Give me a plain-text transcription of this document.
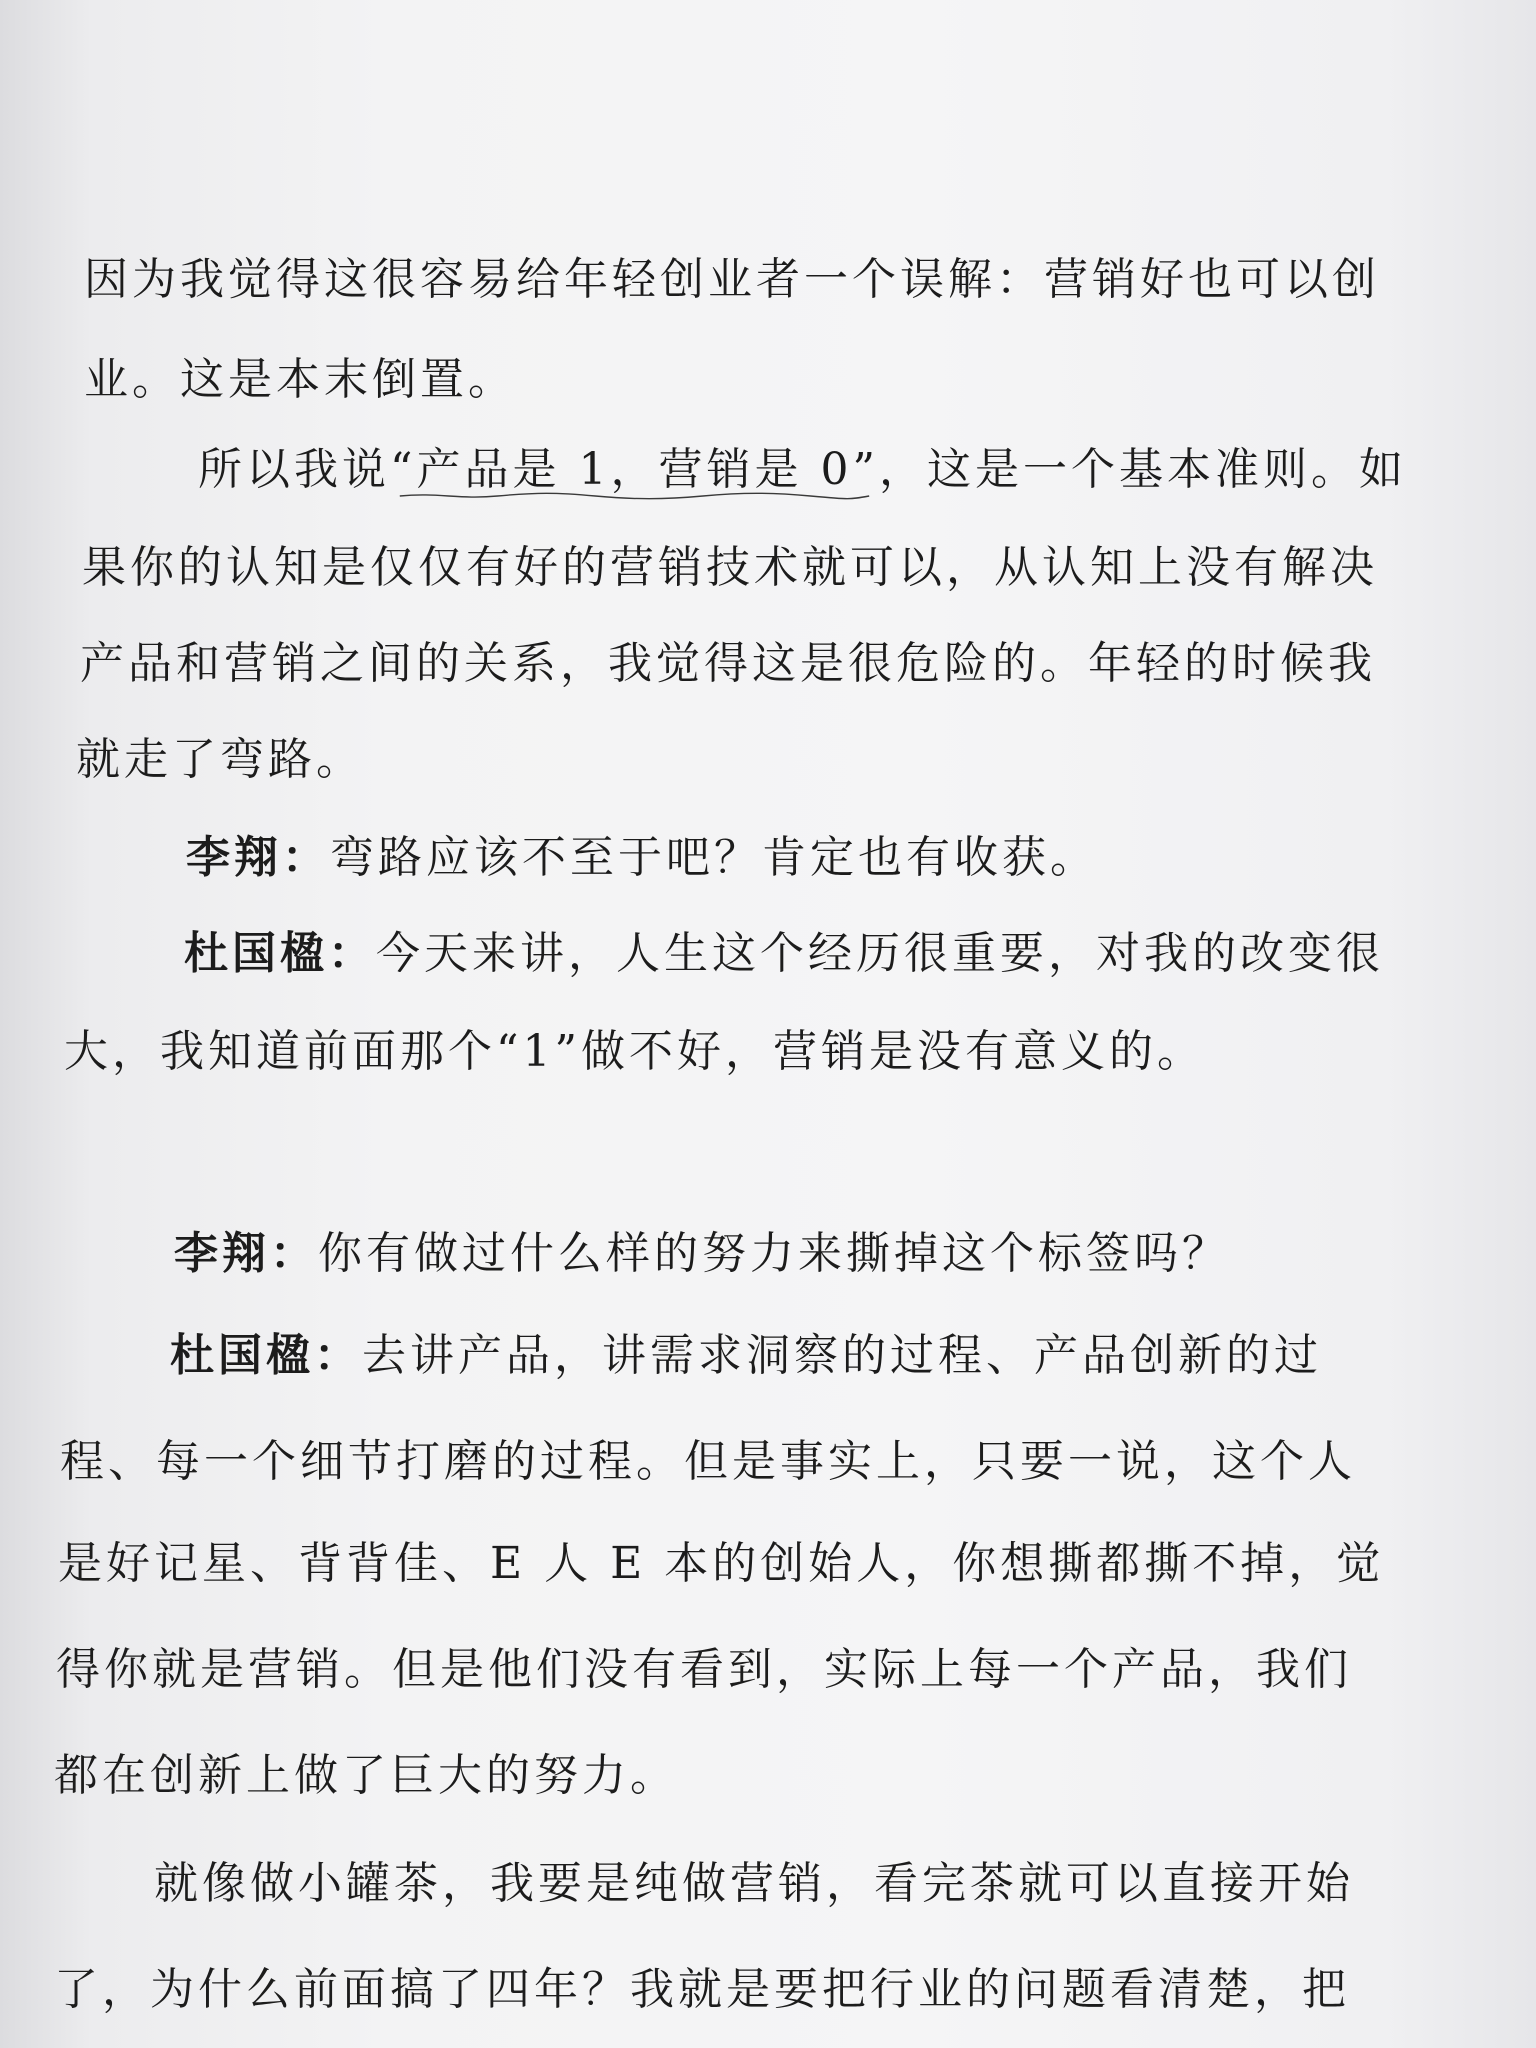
因为我觉得这很容易给年轻创业者一个误解：营销好也可以创
业。这是本末倒置。
所以我说“产品是 1，营销是 0”
，这是一个基本准则。如
果你的认知是仅仅有好的营销技术就可以，从认知上没有解决
产品和营销之间的关系，我觉得这是很危险的。年轻的时候我
就走了弯路。
李翔：弯路应该不至于吧？肯定也有收获。
杜国楹：今天来讲，人生这个经历很重要，对我的改变很
大，我知道前面那个“1”做不好，营销是没有意义的。
李翔：你有做过什么样的努力来撕掉这个标签吗？
杜国楹：去讲产品，讲需求洞察的过程、产品创新的过
程、每一个细节打磨的过程。但是事实上，只要一说，这个人
是好记星、背背佳、E 人 E 本的创始人，你想撕都撕不掉，觉
得你就是营销。但是他们没有看到，实际上每一个产品，我们
都在创新上做了巨大的努力。
就像做小罐茶，我要是纯做营销，看完茶就可以直接开始
了，为什么前面搞了四年？我就是要把行业的问题看清楚，把
